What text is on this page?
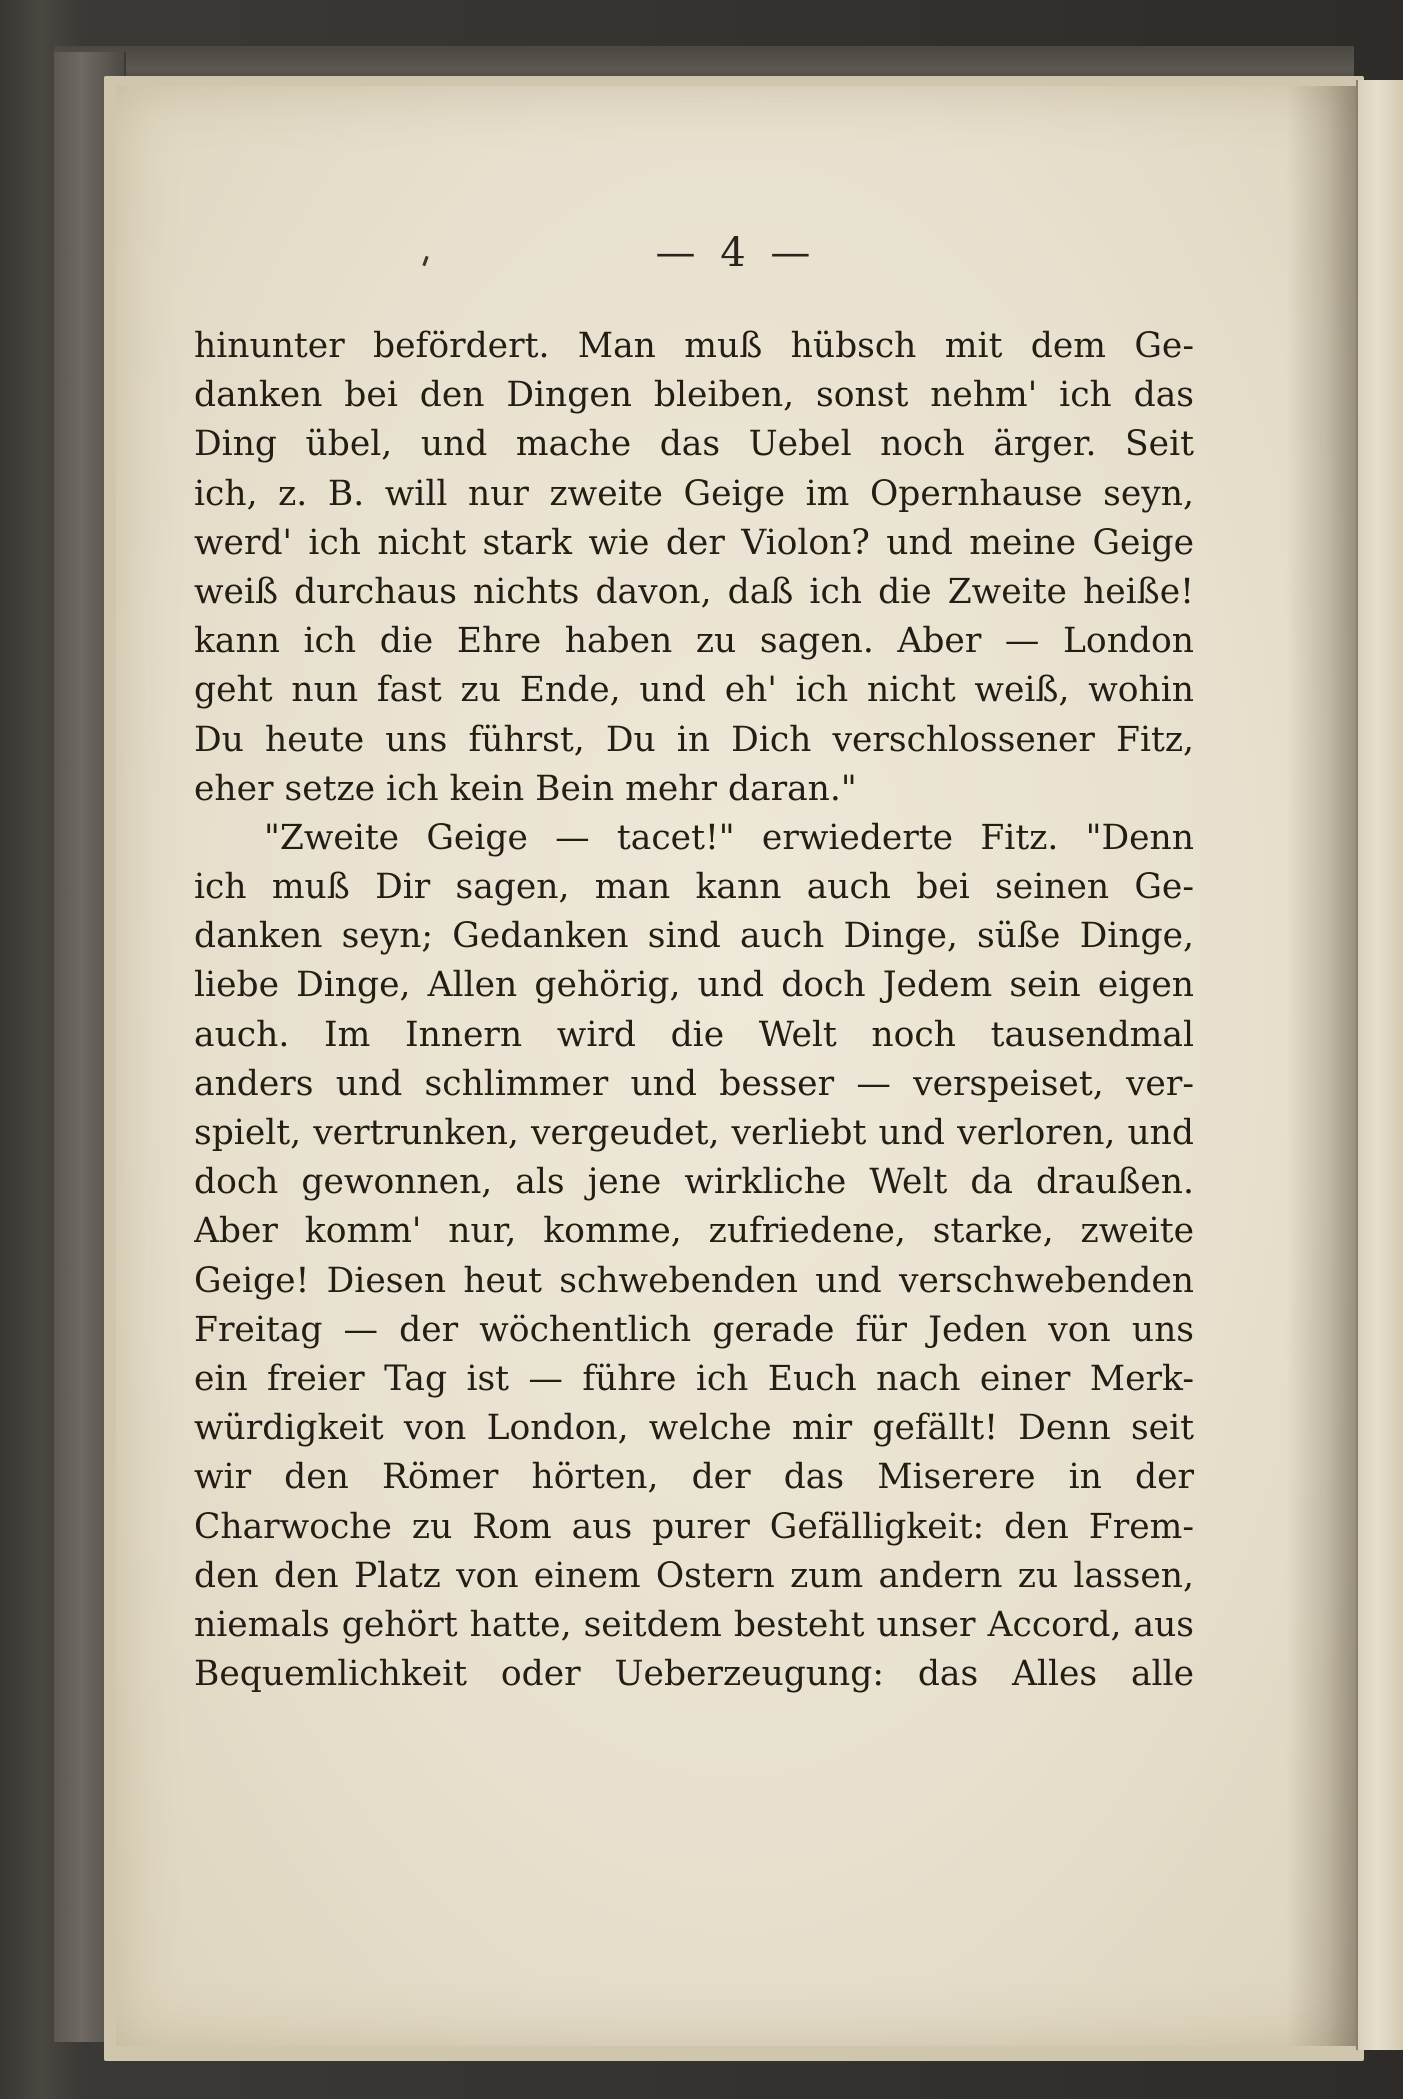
— 4 —
hinunter befördert. Man muß hübsch mit dem Ge-
danken bei den Dingen bleiben, sonst nehm' ich das
Ding übel, und mache das Uebel noch ärger. Seit
ich, z. B. will nur zweite Geige im Opernhause seyn,
werd' ich nicht stark wie der Violon? und meine Geige
weiß durchaus nichts davon, daß ich die Zweite heiße!
kann ich die Ehre haben zu sagen. Aber — London
geht nun fast zu Ende, und eh' ich nicht weiß, wohin
Du heute uns führst, Du in Dich verschlossener Fitz,
eher setze ich kein Bein mehr daran."
"Zweite Geige — tacet!" erwiederte Fitz. "Denn
ich muß Dir sagen, man kann auch bei seinen Ge-
danken seyn; Gedanken sind auch Dinge, süße Dinge,
liebe Dinge, Allen gehörig, und doch Jedem sein eigen
auch. Im Innern wird die Welt noch tausendmal
anders und schlimmer und besser — verspeiset, ver-
spielt, vertrunken, vergeudet, verliebt und verloren, und
doch gewonnen, als jene wirkliche Welt da draußen.
Aber komm' nur, komme, zufriedene, starke, zweite
Geige! Diesen heut schwebenden und verschwebenden
Freitag — der wöchentlich gerade für Jeden von uns
ein freier Tag ist — führe ich Euch nach einer Merk-
würdigkeit von London, welche mir gefällt! Denn seit
wir den Römer hörten, der das Miserere in der
Charwoche zu Rom aus purer Gefälligkeit: den Frem-
den den Platz von einem Ostern zum andern zu lassen,
niemals gehört hatte, seitdem besteht unser Accord, aus
Bequemlichkeit oder Ueberzeugung: das Alles alle
